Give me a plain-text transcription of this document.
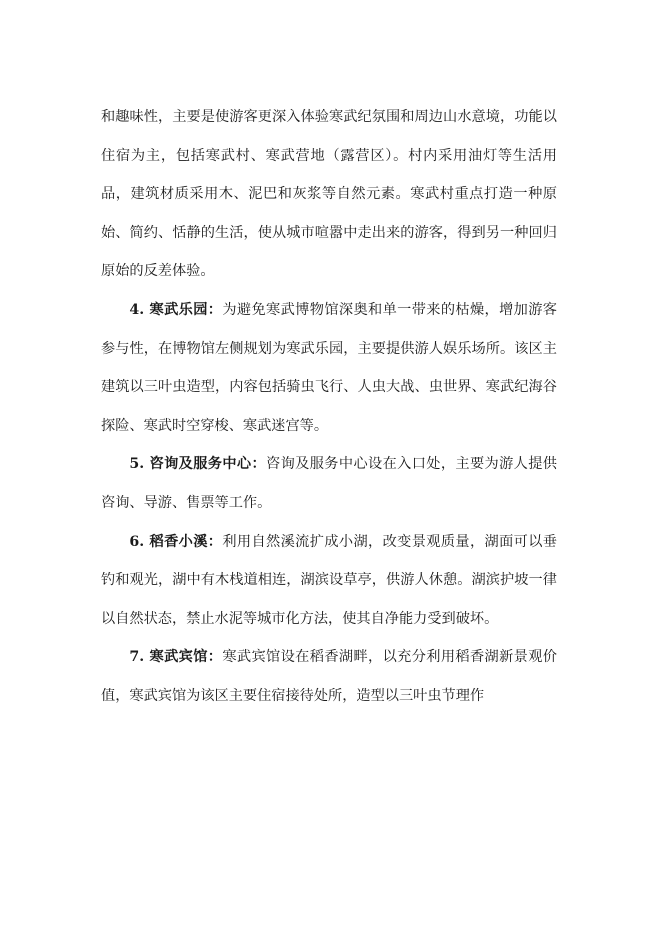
和趣味性，主要是使游客更深入体验寒武纪氛围和周边山水意境，功能以住宿为主，包括寒武村、寒武营地（露营区）。村内采用油灯等生活用品，建筑材质采用木、泥巴和灰浆等自然元素。寒武村重点打造一种原始、简约、恬静的生活，使从城市喧嚣中走出来的游客，得到另一种回归原始的反差体验。

4. 寒武乐园：为避免寒武博物馆深奥和单一带来的枯燥，增加游客参与性，在博物馆左侧规划为寒武乐园，主要提供游人娱乐场所。该区主建筑以三叶虫造型，内容包括骑虫飞行、人虫大战、虫世界、寒武纪海谷探险、寒武时空穿梭、寒武迷宫等。

5. 咨询及服务中心：咨询及服务中心设在入口处，主要为游人提供咨询、导游、售票等工作。

6. 稻香小溪：利用自然溪流扩成小湖，改变景观质量，湖面可以垂钓和观光，湖中有木栈道相连，湖滨设草亭，供游人休憩。湖滨护坡一律以自然状态，禁止水泥等城市化方法，使其自净能力受到破坏。

7. 寒武宾馆：寒武宾馆设在稻香湖畔，以充分利用稻香湖新景观价值，寒武宾馆为该区主要住宿接待处所，造型以三叶虫节理作
